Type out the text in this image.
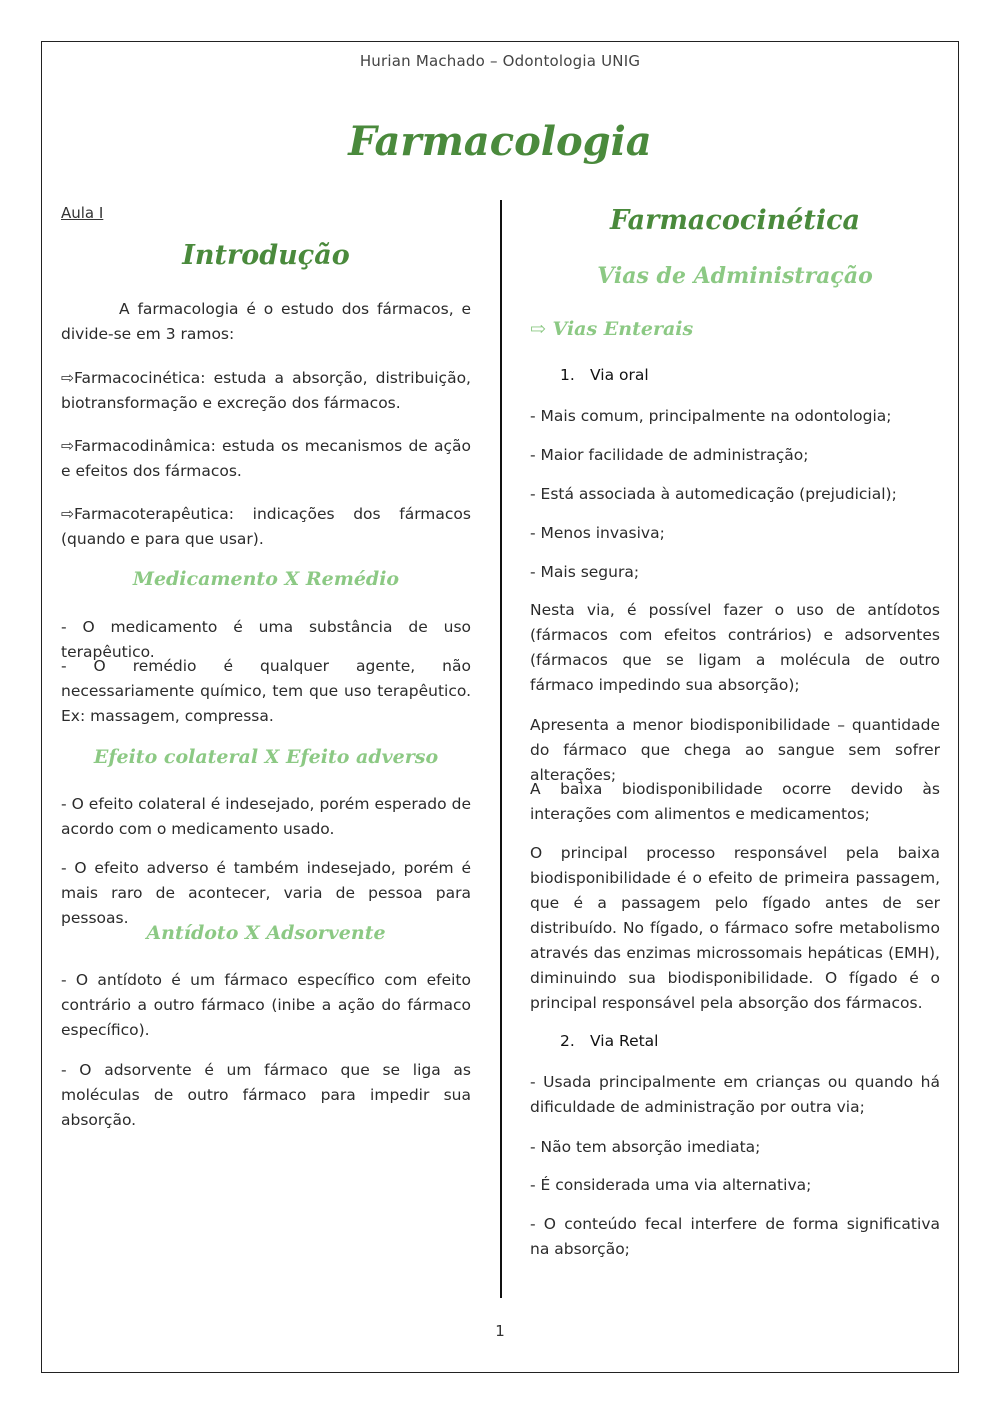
Hurian Machado – Odontologia UNIG
Farmacologia
1
Aula I
Introdução

A farmacologia é o estudo dos fármacos, e divide-se em 3 ramos:

⇨Farmacocinética: estuda a absorção, distribuição, biotransformação e excreção dos fármacos.

⇨Farmacodinâmica: estuda os mecanismos de ação e efeitos dos fármacos.

⇨Farmacoterapêutica: indicações dos fármacos (quando e para que usar).

Medicamento X Remédio

- O medicamento é uma substância de uso terapêutico.

- O remédio é qualquer agente, não necessariamente químico, tem que uso terapêutico. Ex: massagem, compressa.

Efeito colateral X Efeito adverso

- O efeito colateral é indesejado, porém esperado de acordo com o medicamento usado.

- O efeito adverso é também indesejado, porém é mais raro de acontecer, varia de pessoa para pessoas.

Antídoto X Adsorvente

- O antídoto é um fármaco específico com efeito contrário a outro fármaco (inibe a ação do fármaco específico).

- O adsorvente é um fármaco que se liga as moléculas de outro fármaco para impedir sua absorção.

Farmacocinética
Vias de Administração
⇨ Vias Enterais
1. Via oral

- Mais comum, principalmente na odontologia;

- Maior facilidade de administração;

- Está associada à automedicação (prejudicial);

- Menos invasiva;

- Mais segura;

Nesta via, é possível fazer o uso de antídotos (fármacos com efeitos contrários) e adsorventes (fármacos que se ligam a molécula de outro fármaco impedindo sua absorção);

Apresenta a menor biodisponibilidade – quantidade do fármaco que chega ao sangue sem sofrer alterações;

A baixa biodisponibilidade ocorre devido às interações com alimentos e medicamentos;

O principal processo responsável pela baixa biodisponibilidade é o efeito de primeira passagem, que é a passagem pelo fígado antes de ser distribuído. No fígado, o fármaco sofre metabolismo através das enzimas microssomais hepáticas (EMH), diminuindo sua biodisponibilidade. O fígado é o principal responsável pela absorção dos fármacos.

2. Via Retal

- Usada principalmente em crianças ou quando há dificuldade de administração por outra via;

- Não tem absorção imediata;

- É considerada uma via alternativa;

- O conteúdo fecal interfere de forma significativa na absorção;
